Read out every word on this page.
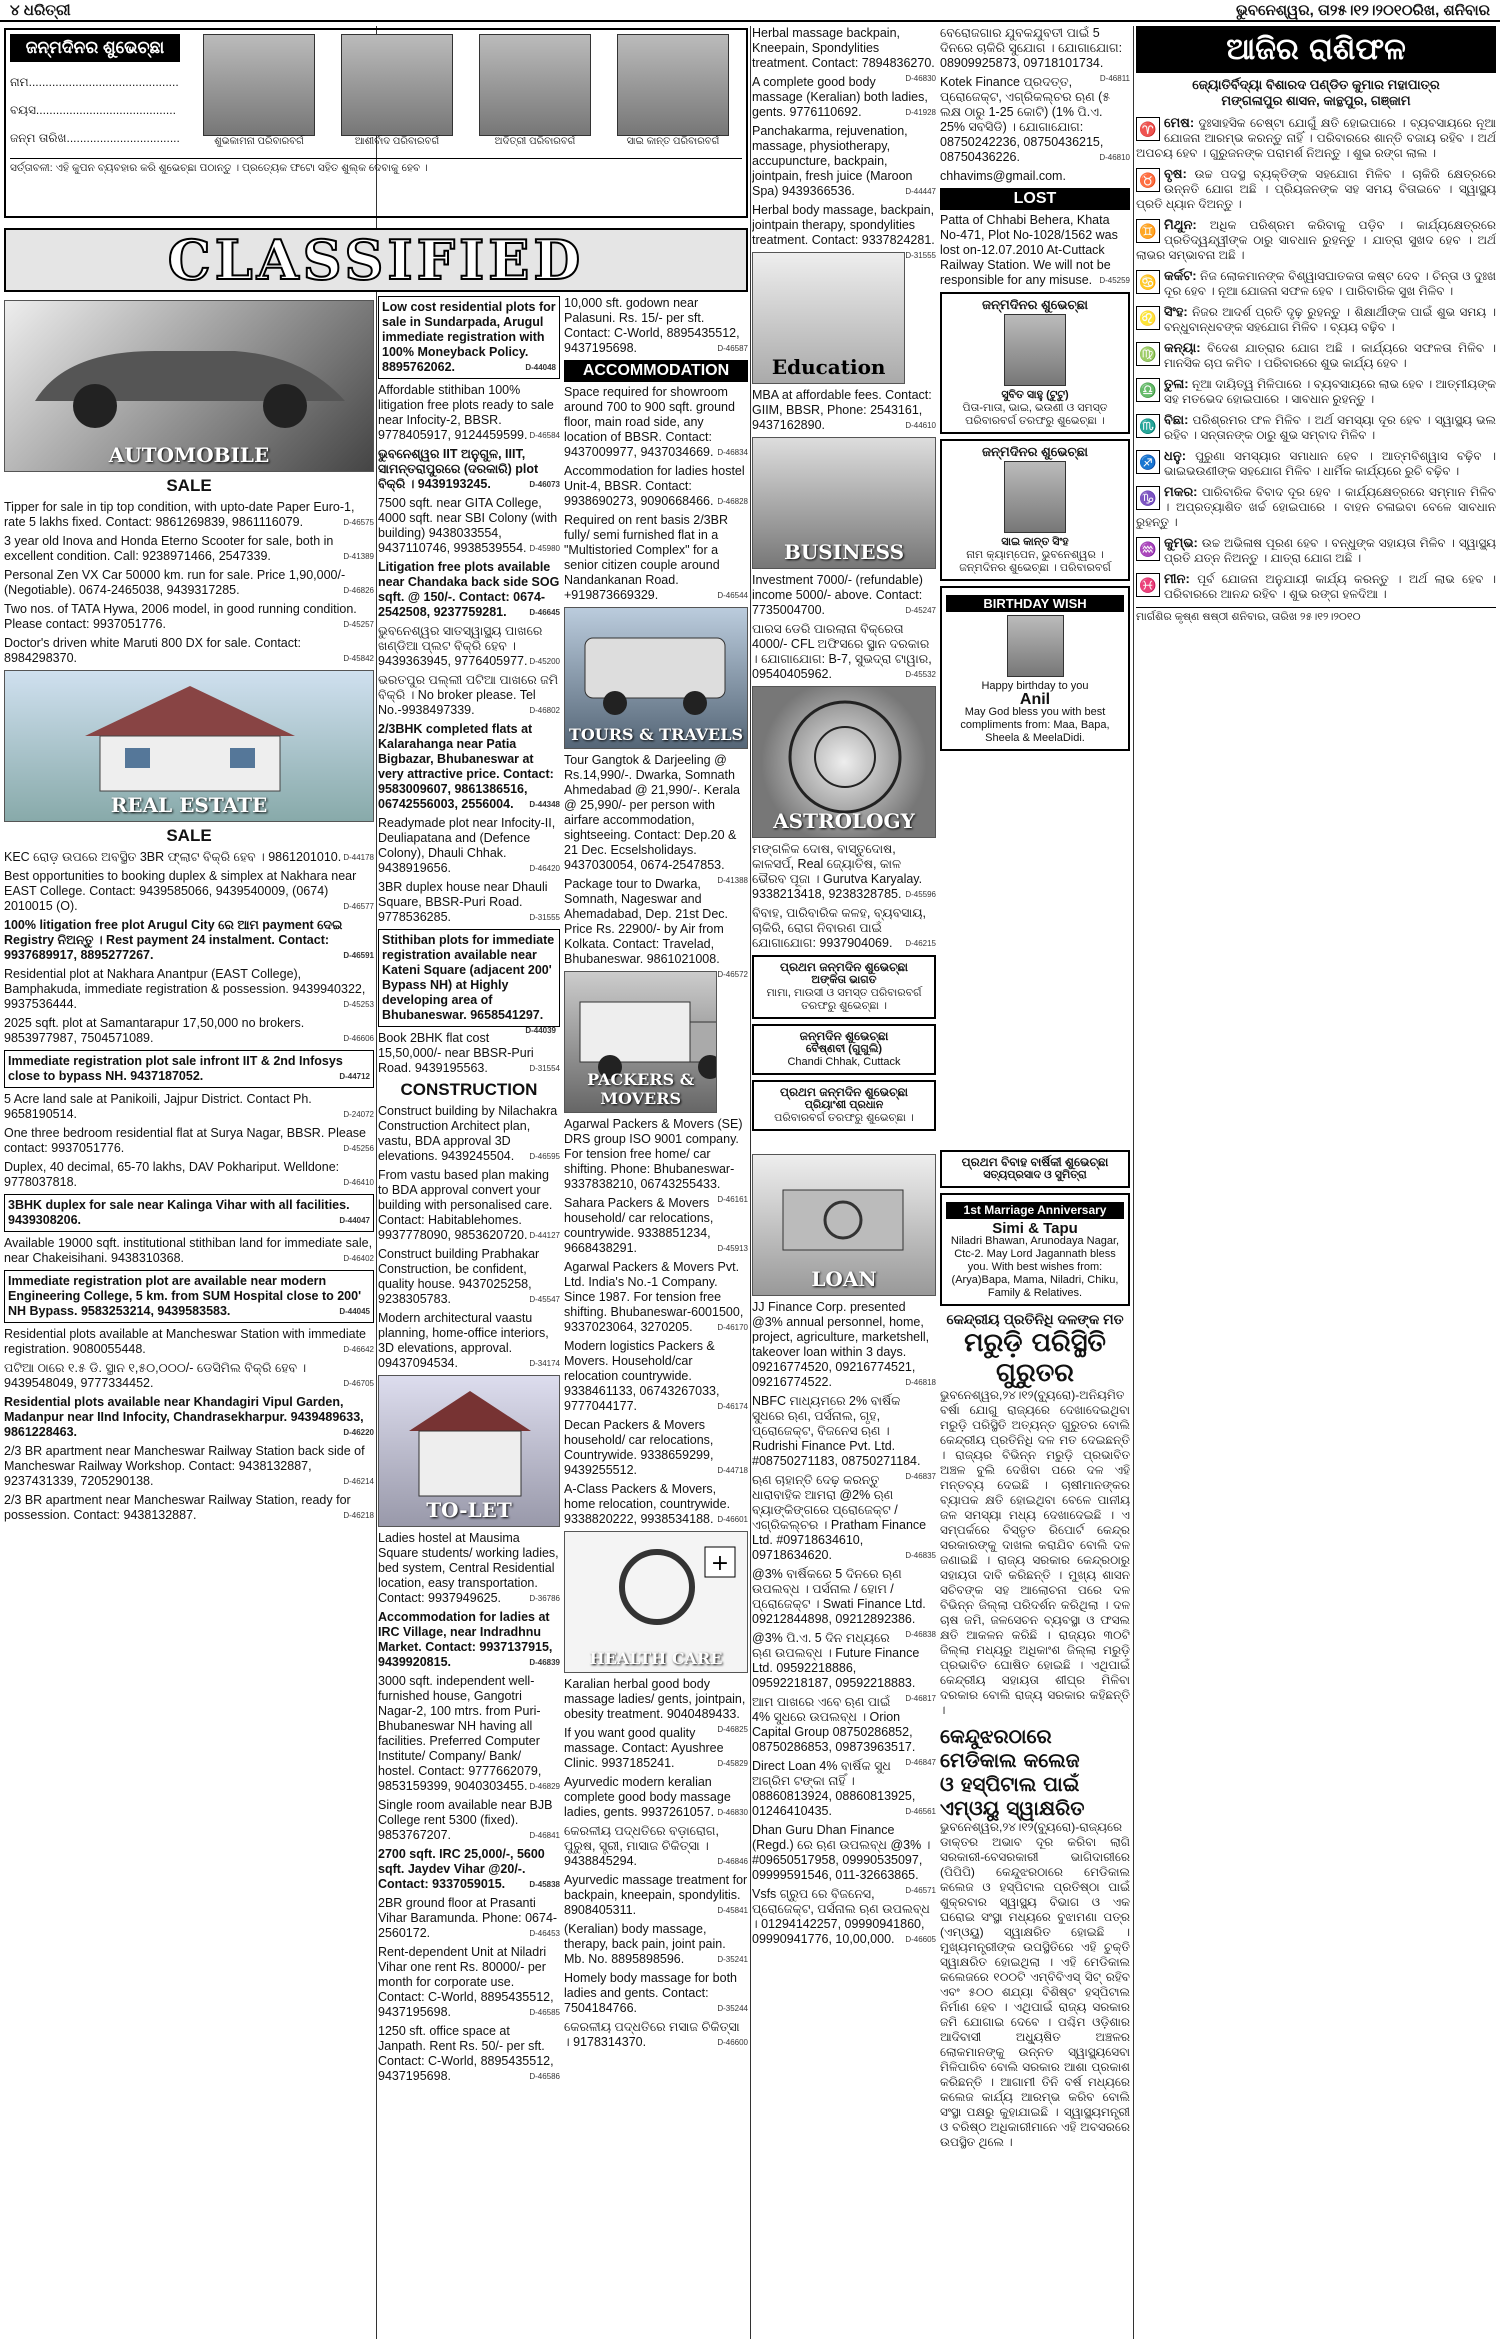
୪ ଧରିତ୍ରୀ	ଭୁବନେଶ୍ୱର, ତା୨୫।୧୨।୨୦୧୦ରିଖ, ଶନିବାର
ଜନ୍ମଦିନର ଶୁଭେଚ୍ଛା
ନାମ.............................................
ବୟସ..........................................
ଜନ୍ମ ତାରିଖ..................................	ଶୁଭକାମନା ପରିବାରବର୍ଗ	ଆଶୀର୍ବାଦ ପରିବାରବର୍ଗ	ଅଦିତ୍ରୀ ପରିବାରବର୍ଗ	ସାଇ କାନ୍ତ ପରିବାରବର୍ଗ
ସର୍ତ୍ତାବଳୀ: ଏହି କୁପନ ବ୍ୟବହାର କରି ଶୁଭେଚ୍ଛା ପଠାନ୍ତୁ । ପ୍ରତ୍ୟେକ ଫଟୋ ସହିତ ଶୁଲ୍କ ଦେବାକୁ ହେବ ।
CLASSIFIED
AUTOMOBILE
SALE
Tipper for sale in tip top condition, with upto-date Paper Euro-1, rate 5 lakhs fixed. Contact: 9861269839, 9861116079.	D-46575
3 year old Inova and Honda Eterno Scooter for sale, both in excellent condition. Call: 9238971466, 2547339.	D-41389
Personal Zen VX Car 50000 km. run for sale. Price 1,90,000/- (Negotiable). 0674-2465038, 9439317285.	D-46826
Two nos. of TATA Hywa, 2006 model, in good running condition. Please contact: 9937051776.	D-45257
Doctor's driven white Maruti 800 DX for sale. Contact: 8984298370.	D-45842
REAL ESTATE
SALE
KEC ରୋଡ଼ ଉପରେ ଅବସ୍ଥିତ 3BR ଫ୍ଲାଟ ବିକ୍ରି ହେବ । 9861201010. D-44178
Best opportunities to booking duplex & simplex at Nakhara near EAST College. Contact: 9439585066, 9439540009, (0674) 2010015 (O).	D-46577
100% litigation free plot Arugul City ରେ ଆମ payment ଦେଇ Registry ନିଅନ୍ତୁ । Rest payment 24 instalment. Contact: 9937689917, 8895277267.	D-46591
Residential plot at Nakhara Anantpur (EAST College), Bamphakuda, immediate registration & possession. 9439940322, 9937536444.	D-45253
2025 sqft. plot at Samantarapur 17,50,000 no brokers. 9853977987, 7504571089.	D-46606
Immediate registration plot sale infront IIT & 2nd Infosys close to bypass NH. 9437187052.	D-44712
5 Acre land sale at Panikoili, Jajpur District. Contact Ph. 9658190514.	D-24072
One three bedroom residential flat at Surya Nagar, BBSR. Please contact: 9937051776.	D-45256
Duplex, 40 decimal, 65-70 lakhs, DAV Pokhariput. Welldone: 9778037818.	D-46410
3BHK duplex for sale near Kalinga Vihar with all facilities. 9439308206.	D-44047
Available 19000 sqft. institutional stithiban land for immediate sale, near Chakeisihani. 9438310368.	D-46402
Immediate registration plot are available near modern Engineering College, 5 km. from SUM Hospital close to 200' NH Bypass. 9583253214, 9439583583.	D-44045
Residential plots available at Mancheswar Station with immediate registration. 9080055448.	D-46642
ପଟିଆ ଠାରେ ୧.୫ ଡି. ସ୍ଥାନ ୧,୫୦,୦୦୦/- ଡେସିମିଲ ବିକ୍ରି ହେବ । 9439548049, 9777334452.	D-46705
Residential plots available near Khandagiri Vipul Garden, Madanpur near IInd Infocity, Chandrasekharpur. 9439489633, 9861228463.	D-46220
2/3 BR apartment near Mancheswar Railway Station back side of Mancheswar Railway Workshop. Contact: 9438132887, 9237431339, 7205290138.	D-46214
2/3 BR apartment near Mancheswar Railway Station, ready for possession. Contact: 9438132887.	D-46218
Low cost residential plots for sale in Sundarpada, Arugul immediate registration with 100% Moneyback Policy. 8895762062.	D-44048
Affordable stithiban 100% litigation free plots ready to sale near Infocity-2, BBSR. 9778405917, 9124459599. D-46584
ଭୁବନେଶ୍ୱର IIT ଅନୁଗୁଳ, IIIT, ସାମନ୍ତରାପୁରରେ (ଦରକାରି) plot ବିକ୍ରି । 9439193245.	D-46073
7500 sqft. near GITA College, 4000 sqft. near SBI Colony (with building) 9438033554, 9437110746, 9938539554. D-45980
Litigation free plots available near Chandaka back side SOG sqft. @ 150/-. Contact: 0674-2542508, 9237759281.	D-46645
ଭୁବନେଶ୍ୱର ସାତସ୍ୱାସ୍ଥ୍ୟ ପାଖରେ ଖଣ୍ଡିଆ ପ୍ଲଟ ବିକ୍ରି ହେବ । 9439363945, 9776405977. D-45200
ଭରତପୁର ପଲ୍ଲୀ ପଟିଆ ପାଖରେ ଜମି ବିକ୍ରି । No broker please. Tel No.-9938497339.	D-46802
2/3BHK completed flats at Kalarahanga near Patia Bigbazar, Bhubaneswar at very attractive price. Contact: 9583009607, 9861386516, 06742556003, 2556004. D-44348
Readymade plot near Infocity-II, Deuliapatana and (Defence Colony), Dhauli Chhak. 9438919656.	D-46420
3BR duplex house near Dhauli Square, BBSR-Puri Road. 9778536285.	D-31555
Stithiban plots for immediate registration available near Kateni Square (adjacent 200' Bypass NH) at Highly developing area of Bhubaneswar. 9658541297.
D-44039
Book 2BHK flat cost 15,50,000/- near BBSR-Puri Road. 9439195563.	D-31554
CONSTRUCTION
Construct building by Nilachakra Construction Architect plan, vastu, BDA approval 3D elevations. 9439245504. D-46595
From vastu based plan making to BDA approval convert your building with personalised care. Contact: Habitablehomes. 9937778090, 9853620720. D-44127
Construct building Prabhakar Construction, be confident, quality house. 9437025258, 9238305783.	D-45547
Modern architectural vaastu planning, home-office interiors, 3D elevations, approval. 09437094534.	D-34174
TO-LET
Ladies hostel at Mausima Square students/ working ladies, bed system, Central Residential location, easy transportation. Contact: 9937949625.	D-36786
Accommodation for ladies at IRC Village, near Indradhnu Market. Contact: 9937137915, 9439920815.	D-46839
3000 sqft. independent well-furnished house, Gangotri Nagar-2, 100 mtrs. from Puri-Bhubaneswar NH having all facilities. Preferred Computer Institute/ Company/ Bank/ hostel. Contact: 9777662079, 9853159399, 9040303455. D-46829
Single room available near BJB College rent 5300 (fixed). 9853767207.	D-46841
2700 sqft. IRC 25,000/-, 5600 sqft. Jaydev Vihar @20/-. Contact: 9337059015.	D-45838
2BR ground floor at Prasanti Vihar Baramunda. Phone: 0674-2560172.	D-46453
Rent-dependent Unit at Niladri Vihar one rent Rs. 80000/- per month for corporate use. Contact: C-World, 8895435512, 9437195698.	D-46585
1250 sft. office space at Janpath. Rent Rs. 50/- per sft. Contact: C-World, 8895435512, 9437195698.	D-46586
10,000 sft. godown near Palasuni. Rs. 15/- per sft. Contact: C-World, 8895435512, 9437195698.	D-46587
ACCOMMODATION
Space required for showroom around 700 to 900 sqft. ground floor, main road side, any location of BBSR. Contact: 9437009977, 9437034669. D-46834
Accommodation for ladies hostel Unit-4, BBSR. Contact: 9938690273, 9090668466. D-46828
Required on rent basis 2/3BR fully/ semi furnished flat in a "Multistoried Complex" for a senior citizen couple around Nandankanan Road. +919873669329.	D-46544
TOURS & TRAVELS
Tour Gangtok & Darjeeling @ Rs.14,990/-. Dwarka, Somnath Ahmedabad @ 21,990/-. Kerala @ 25,990/- per person with airfare accommodation, sightseeing. Contact: Dep.20 & 21 Dec. Ecselsholidays. 9437030054, 0674-2547853.
D-41388
Package tour to Dwarka, Somnath, Nageswar and Ahemadabad, Dep. 21st Dec. Price Rs. 22900/- by Air from Kolkata. Contact: Travelad, Bhubaneswar. 9861021008.
D-46572
PACKERS & MOVERS
Agarwal Packers & Movers (SE) DRS group ISO 9001 company. For tension free home/ car shifting. Phone: Bhubaneswar- 9337838210, 06743255433.
D-46161
Sahara Packers & Movers household/ car relocations, countrywide. 9338851234, 9668438291.	D-45913
Agarwal Packers & Movers Pvt. Ltd. India's No.-1 Company. Since 1987. For tension free shifting. Bhubaneswar-6001500, 9337023064, 3270205.	D-46170
Modern logistics Packers & Movers. Household/car relocation countrywide. 9338461133, 06743267033, 9777044177.	D-46174
Decan Packers & Movers household/ car relocations, Countrywide. 9338659299, 9439255512.	D-44718
A-Class Packers & Movers, home relocation, countrywide. 9338820222, 9938534188. D-46601
+
HEALTH CARE
Karalian herbal good body massage ladies/ gents, jointpain, obesity treatment. 9040489433.
D-46825
If you want good quality massage. Contact: Ayushree Clinic. 9937185241.	D-45829
Ayurvedic modern keralian complete good body massage ladies, gents. 9937261057. D-46830
କେରଳୀୟ ପଦ୍ଧତିରେ ବଡ଼ାରୋଗ, ପୁରୁଷ, ସ୍ତ୍ରୀ, ମାସାଜ ଚିକିତ୍ସା । 9438845294.	D-46846
Ayurvedic massage treatment for backpain, kneepain, spondylitis. 8908405311.	D-45841
(Keralian) body massage, therapy, back pain, joint pain. Mb. No. 8895898596.	D-35241
Homely body massage for both ladies and gents. Contact: 7504184766.	D-35244
କେରଳୀୟ ପଦ୍ଧତିରେ ମସାଜ ଚିକିତ୍ସା । 9178314370.	D-46600
Herbal massage backpain, Kneepain, Spondylities treatment. Contact: 7894836270.
D-46830
A complete good body massage (Keralian) both ladies, gents. 9776110692.	D-41928
Panchakarma, rejuvenation, massage, physiotherapy, accupuncture, backpain, jointpain, fresh juice (Maroon Spa) 9439366536.	D-44447
Herbal body massage, backpain, jointpain therapy, spondylities treatment. Contact: 9337824281.
D-31555
Education
MBA at affordable fees. Contact: GIIM, BBSR, Phone: 2543161, 9437162890.	D-44610
BUSINESS
Investment 7000/- (refundable) income 5000/- above. Contact: 7735004700.	D-45247
ପାରସ ଡେରି ପାରଲାନା ବିକ୍ରେତା 4000/- CFL ଅଫିସରେ ସ୍ଥାନ ଦରକାର । ଯୋଗାଯୋଗ: B-7, ସୁଭଦ୍ରା ଟାୱାର, 09540405962.	D-45532
ASTROLOGY
ମଙ୍ଗଳିକ ଦୋଷ, ବାସ୍ତୁଦୋଷ, କାଳସର୍ପ, Real ଜ୍ୟୋତିଷ, କାଳ ଭୈରବ ପୂଜା । Gurutva Karyalay. 9338213418, 9238328785. D-45596
ବିବାହ, ପାରିବାରିକ କଳହ, ବ୍ୟବସାୟ, ଚାକିରି, ରୋଗ ନିବାରଣ ପାଇଁ ଯୋଗାଯୋଗ: 9937904069. D-46215
ପ୍ରଥମ ଜନ୍ମଦିନ ଶୁଭେଚ୍ଛା
ଅଙ୍କିତା ଭାଗତ
ମାମା, ମାଉସୀ ଓ ସମସ୍ତ ପରିବାରବର୍ଗ ତରଫରୁ ଶୁଭେଚ୍ଛା ।
ଜନ୍ମଦିନ ଶୁଭେଚ୍ଛା
ବୈଷ୍ଣବୀ (ଗୁଗୁଲି)
Chandi Chhak, Cuttack
ପ୍ରଥମ ଜନ୍ମଦିନ ଶୁଭେଚ୍ଛା
ପ୍ରିୟାଂଶୀ ପ୍ରଧାନ
ପରିବାରବର୍ଗ ତରଫରୁ ଶୁଭେଚ୍ଛା ।
ବେରୋଜଗାର ଯୁବକଯୁବତୀ ପାଇଁ 5 ଦିନରେ ଚାକିରି ସୁଯୋଗ । ଯୋଗାଯୋଗ: 08909925873, 09718101734.
D-46811
Kotek Finance ପ୍ରଦତ୍ତ, ପ୍ରୋଜେକ୍ଟ, ଏଗ୍ରିକଲ୍ଚର ଋଣ (୫ ଲକ୍ଷ ଠାରୁ 1-25 କୋଟି) (1% ପି.ଏ. 25% ସବସିଡି) । ଯୋଗାଯୋଗ: 08750242236, 08750436215, 08750436226.	D-46810
chhavims@gmail.com.
LOST
Patta of Chhabi Behera, Khata No-471, Plot No-1028/1562 was lost on-12.07.2010 At-Cuttack Railway Station. We will not be responsible for any misuse. D-45259
ଜନ୍ମଦିନର ଶୁଭେଚ୍ଛା
ସୁବିତ ସାହୁ (ଟୁଟୁ)
ପିତା-ମାତା, ଭାଇ, ଭଉଣୀ ଓ ସମସ୍ତ ପରିବାରବର୍ଗ ତରଫରୁ ଶୁଭେଚ୍ଛା ।
ଜନ୍ମଦିନର ଶୁଭେଚ୍ଛା
ସାଇ କାନ୍ତ ସିଂହ
ନାମ କ୍ୟାମ୍ପେନ, ଭୁବନେଶ୍ୱର । ଜନ୍ମଦିନର ଶୁଭେଚ୍ଛା । ପରିବାରବର୍ଗ
BIRTHDAY WISH
Happy birthday to you
Anil
May God bless you with best compliments from: Maa, Bapa, Sheela & MeelaDidi.
LOAN
JJ Finance Corp. presented @3% annual personnel, home, project, agriculture, marketshell, takeover loan within 3 days. 09216774520, 09216774521, 09216774522.	D-46818
NBFC ମାଧ୍ୟମରେ 2% ବାର୍ଷିକ ସୁଧରେ ଋଣ, ପର୍ସନାଲ, ଗୃହ, ପ୍ରୋଜେକ୍ଟ, ବିଜନେସ ଋଣ । Rudrishi Finance Pvt. Ltd. #08750271183, 08750271184.
D-46837
ଋଣ ଚାହାନ୍ତି ଦେଢ଼ କରନ୍ତୁ ଧାରାବାହିକ ଆମରା @2% ଋଣ ବ୍ୟାଙ୍କିଙ୍ଗରେ ପ୍ରୋଜେକ୍ଟ / ଏଗ୍ରିକଲ୍ଚର । Pratham Finance Ltd. #09718634610, 09718634620.	D-46835
@3% ବାର୍ଷିକରେ 5 ଦିନରେ ଋଣ ଉପଲବ୍ଧ । ପର୍ସନାଲ / ହୋମ / ପ୍ରୋଜେକ୍ଟ । Swati Finance Ltd. 09212844898, 09212892386.
D-46838
@3% ପି.ଏ. 5 ଦିନ ମଧ୍ୟରେ ଋଣ ଉପଲବ୍ଧ । Future Finance Ltd. 09592218886, 09592218187, 09592218883.
D-46817
ଆମ ପାଖରେ ଏବେ ଋଣ ପାଇଁ 4% ସୁଧରେ ଉପଲବ୍ଧ । Orion Capital Group 08750286852, 08750286853, 09873963517.
D-46847
Direct Loan 4% ବାର୍ଷିକ ସୁଧ ଅଗ୍ରିମ ଟଙ୍କା ନାହିଁ । 08860813924, 08860813925, 01246410435.	D-46561
Dhan Guru Dhan Finance (Regd.) ରେ ଋଣ ଉପଲବ୍ଧ @3% । #09650517958, 09990535097, 09999591546, 011-32663865.
D-46571
Vsfs ଗ୍ରୁପ ରେ ବିଜନେସ, ପ୍ରୋଜେକ୍ଟ, ପର୍ସନାଲ ଋଣ ଉପଲବ୍ଧ । 01294142257, 09990941860, 09990941776, 10,00,000. D-46605
ପ୍ରଥମ ବିବାହ ବାର୍ଷିକୀ ଶୁଭେଚ୍ଛା
ସତ୍ୟପ୍ରସାଦ ଓ ସୁମିତ୍ରା
1st Marriage Anniversary
Simi & Tapu
Niladri Bhawan, Arunodaya Nagar, Ctc-2. May Lord Jagannath bless you. With best wishes from: (Arya)Bapa, Mama, Niladri, Chiku, Family & Relatives.
କେନ୍ଦ୍ରୀୟ ପ୍ରତିନିଧି ଦଳଙ୍କ ମତ
ମରୁଡ଼ି ପରିସ୍ଥିତି ଗୁରୁତର
ଭୁବନେଶ୍ୱର,୨୪।୧୨(ବ୍ୟୁରୋ)-ଅନିୟମିତ ବର୍ଷା ଯୋଗୁ ରାଜ୍ୟରେ ଦେଖାଦେଇଥିବା ମରୁଡ଼ି ପରିସ୍ଥିତି ଅତ୍ୟନ୍ତ ଗୁରୁତର ବୋଲି କେନ୍ଦ୍ରୀୟ ପ୍ରତିନିଧି ଦଳ ମତ ଦେଇଛନ୍ତି । ରାଜ୍ୟର ବିଭିନ୍ନ ମରୁଡ଼ି ପ୍ରଭାବିତ ଅଞ୍ଚଳ ବୁଲି ଦେଖିବା ପରେ ଦଳ ଏହି ମନ୍ତବ୍ୟ ଦେଇଛି । ଚାଷୀମାନଙ୍କର ବ୍ୟାପକ କ୍ଷତି ହୋଇଥିବା ବେଳେ ପାନୀୟ ଜଳ ସମସ୍ୟା ମଧ୍ୟ ଦେଖାଦେଇଛି । ଏ ସମ୍ପର୍କରେ ବିସ୍ତୃତ ରିପୋର୍ଟ କେନ୍ଦ୍ର ସରକାରଙ୍କୁ ଦାଖଲ କରାଯିବ ବୋଲି ଦଳ ଜଣାଇଛି । ରାଜ୍ୟ ସରକାର କେନ୍ଦ୍ରଠାରୁ ସହାୟତା ଦାବି କରିଛନ୍ତି । ମୁଖ୍ୟ ଶାସନ ସଚିବଙ୍କ ସହ ଆଲୋଚନା ପରେ ଦଳ ବିଭିନ୍ନ ଜିଲ୍ଲା ପରିଦର୍ଶନ କରିଥିଲା । ଦଳ ଚାଷ ଜମି, ଜଳସେଚନ ବ୍ୟବସ୍ଥା ଓ ଫସଲ କ୍ଷତି ଆକଳନ କରିଛି । ରାଜ୍ୟର ୩୦ଟି ଜିଲ୍ଲା ମଧ୍ୟରୁ ଅଧିକାଂଶ ଜିଲ୍ଲା ମରୁଡ଼ି ପ୍ରଭାବିତ ଘୋଷିତ ହୋଇଛି । ଏଥିପାଇଁ କେନ୍ଦ୍ରୀୟ ସହାୟତା ଶୀଘ୍ର ମିଳିବା ଦରକାର ବୋଲି ରାଜ୍ୟ ସରକାର କହିଛନ୍ତି ।
କେନ୍ଦୁଝରଠାରେ ମେଡିକାଲ କଲେଜ
ଓ ହସ୍ପିଟାଲ ପାଇଁ ଏମ୍‌ଓୟୁ ସ୍ୱାକ୍ଷରିତ
ଭୁବନେଶ୍ୱର,୨୪।୧୨(ବ୍ୟୁରୋ)-ରାଜ୍ୟରେ ଡାକ୍ତର ଅଭାବ ଦୂର କରିବା ଲାଗି ସରକାରୀ-ବେସରକାରୀ ଭାଗିଦାରୀରେ (ପିପିପି) କେନ୍ଦୁଝରଠାରେ ମେଡିକାଲ କଲେଜ ଓ ହସ୍ପିଟାଲ ପ୍ରତିଷ୍ଠା ପାଇଁ ଶୁକ୍ରବାର ସ୍ୱାସ୍ଥ୍ୟ ବିଭାଗ ଓ ଏକ ଘରୋଇ ସଂସ୍ଥା ମଧ୍ୟରେ ବୁଝାମଣା ପତ୍ର (ଏମ୍‌ଓୟୁ) ସ୍ୱାକ୍ଷରିତ ହୋଇଛି । ମୁଖ୍ୟମନ୍ତ୍ରୀଙ୍କ ଉପସ୍ଥିତିରେ ଏହି ଚୁକ୍ତି ସ୍ୱାକ୍ଷରିତ ହୋଇଥିଲା । ଏହି ମେଡିକାଲ କଲେଜରେ ୧୦୦ଟି ଏମ୍‌ବିବିଏସ୍ ସିଟ୍ ରହିବ ଏବଂ ୫୦୦ ଶଯ୍ୟା ବିଶିଷ୍ଟ ହସ୍ପିଟାଲ ନିର୍ମାଣ ହେବ । ଏଥିପାଇଁ ରାଜ୍ୟ ସରକାର ଜମି ଯୋଗାଇ ଦେବେ । ପଶ୍ଚିମ ଓଡ଼ିଶାର ଆଦିବାସୀ ଅଧ୍ୟୁଷିତ ଅଞ୍ଚଳର ଲୋକମାନଙ୍କୁ ଉନ୍ନତ ସ୍ୱାସ୍ଥ୍ୟସେବା ମିଳିପାରିବ ବୋଲି ସରକାର ଆଶା ପ୍ରକାଶ କରିଛନ୍ତି । ଆଗାମୀ ତିନି ବର୍ଷ ମଧ୍ୟରେ କଲେଜ କାର୍ଯ୍ୟ ଆରମ୍ଭ କରିବ ବୋଲି ସଂସ୍ଥା ପକ୍ଷରୁ କୁହାଯାଇଛି । ସ୍ୱାସ୍ଥ୍ୟମନ୍ତ୍ରୀ ଓ ବରିଷ୍ଠ ଅଧିକାରୀମାନେ ଏହି ଅବସରରେ ଉପସ୍ଥିତ ଥିଲେ ।
ଆଜିର ରାଶିଫଳ
ଜ୍ୟୋତିର୍ବିଦ୍ୟା ବିଶାରଦ ପଣ୍ଡିତ କୁମାର ମହାପାତ୍ର
ମଙ୍ଗଳାପୁର ଶାସନ, କାନ୍ଥପୁର, ଗଞ୍ଜାମ
♈ ମେଷ: ଦୁଃସାହସିକ ଚେଷ୍ଟା ଯୋଗୁଁ କ୍ଷତି ହୋଇପାରେ । ବ୍ୟବସାୟରେ ନୂଆ ଯୋଜନା ଆରମ୍ଭ କରନ୍ତୁ ନାହିଁ । ପରିବାରରେ ଶାନ୍ତି ବଜାୟ ରହିବ । ଅର୍ଥ ଅପଚୟ ହେବ । ଗୁରୁଜନଙ୍କ ପରାମର୍ଶ ନିଅନ୍ତୁ । ଶୁଭ ରଙ୍ଗ ଲାଲ ।
♉ ବୃଷ: ଉଚ୍ଚ ପଦସ୍ଥ ବ୍ୟକ୍ତିଙ୍କ ସହଯୋଗ ମିଳିବ । ଚାକିରି କ୍ଷେତ୍ରରେ ଉନ୍ନତି ଯୋଗ ଅଛି । ପ୍ରିୟଜନଙ୍କ ସହ ସମୟ ବିତାଇବେ । ସ୍ୱାସ୍ଥ୍ୟ ପ୍ରତି ଧ୍ୟାନ ଦିଅନ୍ତୁ ।
♊ ମିଥୁନ: ଅଧିକ ପରିଶ୍ରମ କରିବାକୁ ପଡ଼ିବ । କାର୍ଯ୍ୟକ୍ଷେତ୍ରରେ ପ୍ରତିଦ୍ୱନ୍ଦ୍ୱୀଙ୍କ ଠାରୁ ସାବଧାନ ରୁହନ୍ତୁ । ଯାତ୍ରା ସୁଖଦ ହେବ । ଅର୍ଥ ଲାଭର ସମ୍ଭାବନା ଅଛି ।
♋ କର୍କଟ: ନିଜ ଲୋକମାନଙ୍କ ବିଶ୍ୱାସଘାତକତା କଷ୍ଟ ଦେବ । ଚିନ୍ତା ଓ ଦୁଃଖ ଦୂର ହେବ । ନୂଆ ଯୋଜନା ସଫଳ ହେବ । ପାରିବାରିକ ସୁଖ ମିଳିବ ।
♌ ସିଂହ: ନିଜର ଆଦର୍ଶ ପ୍ରତି ଦୃଢ଼ ରୁହନ୍ତୁ । ଶିକ୍ଷାର୍ଥୀଙ୍କ ପାଇଁ ଶୁଭ ସମୟ । ବନ୍ଧୁବାନ୍ଧବଙ୍କ ସହଯୋଗ ମିଳିବ । ବ୍ୟୟ ବଢ଼ିବ ।
♍ କନ୍ୟା: ବିଦେଶ ଯାତ୍ରାର ଯୋଗ ଅଛି । କାର୍ଯ୍ୟରେ ସଫଳତା ମିଳିବ । ମାନସିକ ଚାପ କମିବ । ପରିବାରରେ ଶୁଭ କାର୍ଯ୍ୟ ହେବ ।
♎ ତୁଳା: ନୂଆ ଦାୟିତ୍ୱ ମିଳିପାରେ । ବ୍ୟବସାୟରେ ଲାଭ ହେବ । ଆତ୍ମୀୟଙ୍କ ସହ ମତଭେଦ ହୋଇପାରେ । ସାବଧାନ ରୁହନ୍ତୁ ।
♏ ବିଛା: ପରିଶ୍ରମର ଫଳ ମିଳିବ । ଅର୍ଥ ସମସ୍ୟା ଦୂର ହେବ । ସ୍ୱାସ୍ଥ୍ୟ ଭଲ ରହିବ । ସନ୍ତାନଙ୍କ ଠାରୁ ଶୁଭ ସମ୍ବାଦ ମିଳିବ ।
♐ ଧନୁ: ପୁରୁଣା ସମସ୍ୟାର ସମାଧାନ ହେବ । ଆତ୍ମବିଶ୍ୱାସ ବଢ଼ିବ । ଭାଇଭଉଣୀଙ୍କ ସହଯୋଗ ମିଳିବ । ଧାର୍ମିକ କାର୍ଯ୍ୟରେ ରୁଚି ବଢ଼ିବ ।
♑ ମକର: ପାରିବାରିକ ବିବାଦ ଦୂର ହେବ । କାର୍ଯ୍ୟକ୍ଷେତ୍ରରେ ସମ୍ମାନ ମିଳିବ । ଅପ୍ରତ୍ୟାଶିତ ଖର୍ଚ୍ଚ ହୋଇପାରେ । ବାହନ ଚଳାଇବା ବେଳେ ସାବଧାନ ରୁହନ୍ତୁ ।
♒ କୁମ୍ଭ: ଉଚ୍ଚ ଅଭିଳାଷ ପୂରଣ ହେବ । ବନ୍ଧୁଙ୍କ ସହାୟତା ମିଳିବ । ସ୍ୱାସ୍ଥ୍ୟ ପ୍ରତି ଯତ୍ନ ନିଅନ୍ତୁ । ଯାତ୍ରା ଯୋଗ ଅଛି ।
♓ ମୀନ: ପୂର୍ବ ଯୋଜନା ଅନୁଯାୟୀ କାର୍ଯ୍ୟ କରନ୍ତୁ । ଅର୍ଥ ଲାଭ ହେବ । ପରିବାରରେ ଆନନ୍ଦ ରହିବ । ଶୁଭ ରଙ୍ଗ ହଳଦିଆ ।
ମାର୍ଗଶିର କୃଷ୍ଣ ଷଷ୍ଠୀ ଶନିବାର, ତାରିଖ ୨୫।୧୨।୨୦୧୦
